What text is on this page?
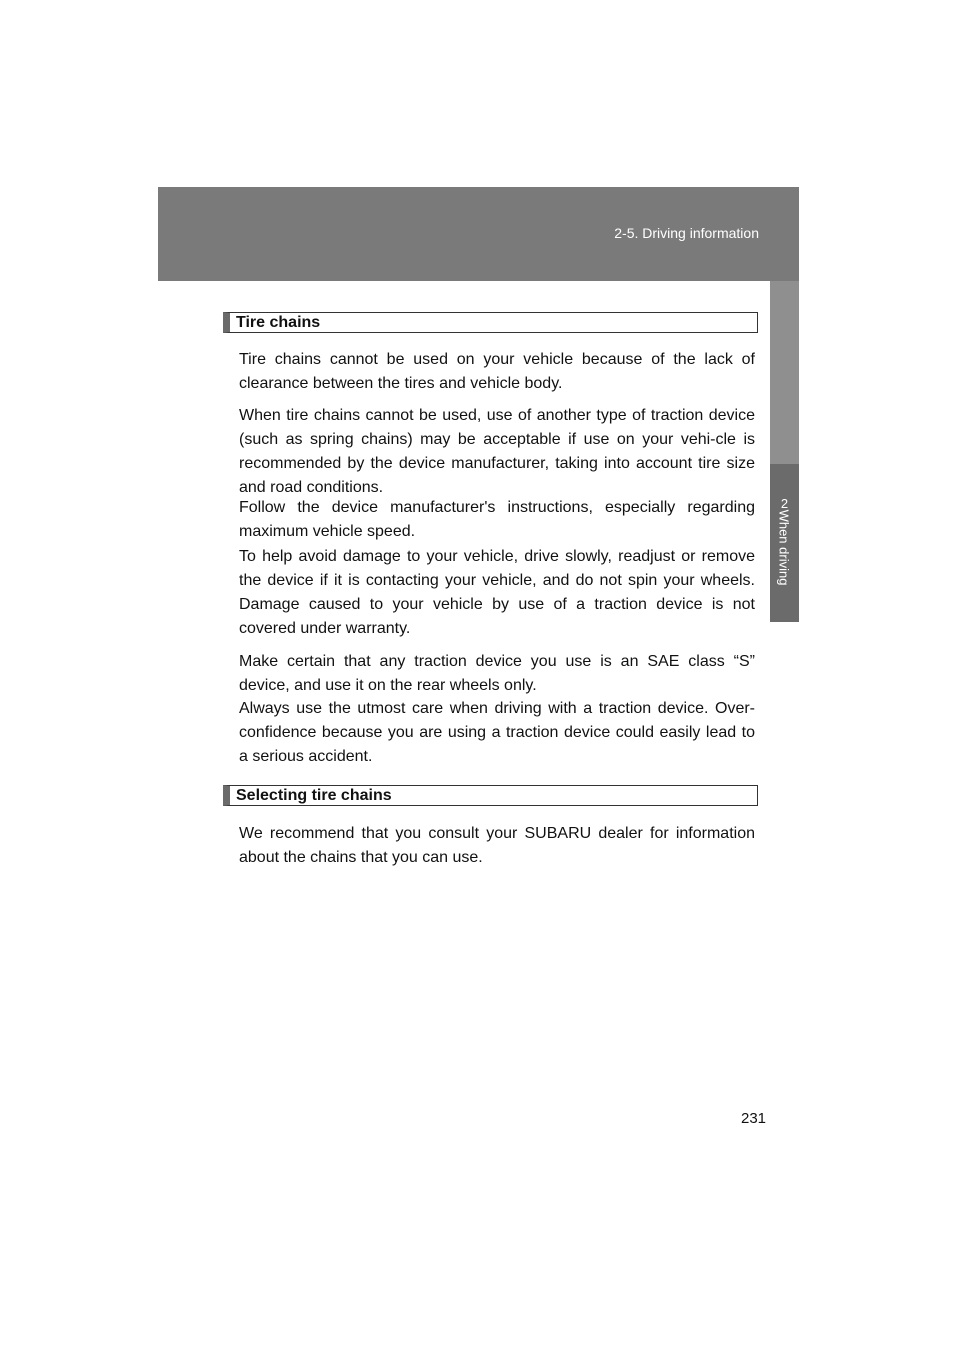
2-5. Driving information
2
When driving
Tire chains

Tire chains cannot be used on your vehicle because of the lack of clearance between the tires and vehicle body.

When tire chains cannot be used, use of another type of traction device (such as spring chains) may be acceptable if use on your vehi-cle is recommended by the device manufacturer, taking into account tire size and road conditions.

Follow the device manufacturer's instructions, especially regarding maximum vehicle speed.

To help avoid damage to your vehicle, drive slowly, readjust or remove the device if it is contacting your vehicle, and do not spin your wheels. Damage caused to your vehicle by use of a traction device is not covered under warranty.

Make certain that any traction device you use is an SAE class “S” device, and use it on the rear wheels only.

Always use the utmost care when driving with a traction device. Over-confidence because you are using a traction device could easily lead to a serious accident.

Selecting tire chains

We recommend that you consult your SUBARU dealer for information about the chains that you can use.

231
